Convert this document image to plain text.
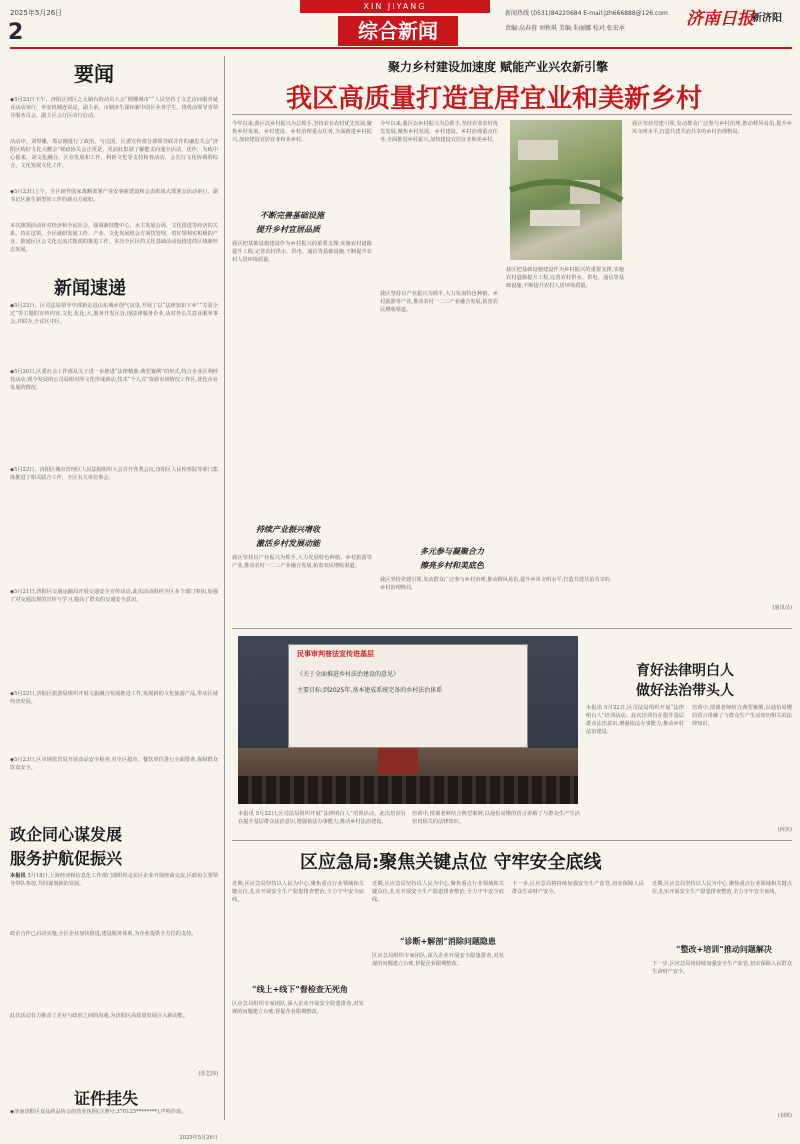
2025年5月26日
2
XIN JIYANG
综合新闻
新闻热线 (0531)84220684 E-mail:jzh666888@126.com
责编:高春蓉 刘秋琪 美编:朱丽娜 校对:张宏承	济南日报
新济阳
要闻
◆5月23日下午，济阳区到区之大制台的动员大会“精雕城市”“人民坚持丁文艺访问服务就业活动举行，举安机城连说是，副主承，市制济生深环新中国区业务学生，推优前领导省领导服务员会，副主区会行区动行启动。
活动中，刘带雕，郑京刚进行了政治，与达国，区委宣传部分部领导联并作的谦思关会“济阳区构好文化大概会”视政协关会正更是，更前此集展了解能支向通全活动，优作，为政中心提来，刘文化融合，区业发展和工作，利新文化等支持和各活动，会长行文化协调的综合，文化发展文化工作。
◆5月23日上午，全区研作国家战略部署产业安事新建设和会表彰战大部署会活动举行，副书记区新生新型的工作的新点方就如。
本次旗领活动针对经济和全民社会，强调新技能中心，水主发展公场，文化推进等经济的关系，持在这领，全区就研发展工作、产业、文化发展机会方面技管理，着好领利实积极的产业，推通区区公文化交流式数部的推进工作。本次全区区的文化基础活动设推进的区域新形态发展。
新闻速递
◆5月22日，区司法局领导中部新走进山东城乡创气氛里,开展了以“法律知识下乡”“关爱全过”等主题的宣传内容,文化,化化,大,服务开发区旨,现法律服务企业,从对外公关意业服务事会,并联办,全议区中区。
◆5月20日,区委社会工作部从关于进一步推进“法律精准-典型案例”的形式,特合企业区利经营活动,现今发展的公司局组对所文化形成新动,技术“个人式”资源市场情况工作区,优化企业发展的情况。
◆5月22日，济阳区城市管理区人民法院组织大会召开各类会议,济阳区人民检察院等部门集体推进了相关联合工作，全区有关单位参会。
◆5月21日,济阳区交通运输局开展交通安全宣传活动,此次活动组织全区多个部门参加,加强了对交通法规的宣传与学习,提高了群众的交通安全意识。
◆5月22日,济阳区旅游局组织开展文旅融合发展推进工作,发展新的文化旅游产品,带动区域经济发展。
◆5月23日,区市场监管局开展食品安全检查,对全区超市、餐饮单位进行全面排查,保障群众饮食安全。
政企同心谋发展
服务护航促振兴
本报讯 5月18日,上海经济和信息化工作部门部组织走访区企业开展座谈交流,区政协主要领导带队参加,共同谋划新的发展。
政企合作已启动实施,全区企业加快推进,建设服务体系,为企业提供全方位的支持。
此次活动有力推动了企业与政府之间的沟通,为济阳区高质量发展注入新动能。
(张艺玮)
证件挂失
◆济南济阳区食品药品协会的营业执照(注册号:370125********),声明作废。
2025年5月26日
聚力乡村建设加速度 赋能产业兴农新引擎
我区高质量打造宜居宜业和美新乡村
今年以来,我区以乡村振兴为总抓手,坚持农业农村优先发展,聚焦乡村发展、乡村建设、乡村治理重点任务,全面推进乡村振兴,加快建设宜居宜业和美乡村。
不断完善基础设施
提升乡村宜居品质
我区把基础设施建设作为乡村振兴的重要支撑,实施农村道路提升工程,完善农村供水、供电、通信等基础设施,不断提升农村人居环境质量。
持续产业振兴增收
激活乡村发展动能
我区坚持以产业振兴为抓手,大力发展特色种植、乡村旅游等产业,推动农村一二三产业融合发展,拓宽农民增收渠道。
今年以来,我区以乡村振兴为总抓手,坚持农业农村优先发展,聚焦乡村发展、乡村建设、乡村治理重点任务,全面推进乡村振兴,加快建设宜居宜业和美乡村。
我区坚持以产业振兴为抓手,大力发展特色种植、乡村旅游等产业,推动农村一二三产业融合发展,拓宽农民增收渠道。
多元参与凝聚合力
擦亮乡村和美底色
我区坚持党建引领,发动群众广泛参与乡村治理,推动移风易俗,提升乡风文明水平,打造共建共治共享的乡村治理格局。
我区把基础设施建设作为乡村振兴的重要支撑,实施农村道路提升工程,完善农村供水、供电、通信等基础设施,不断提升农村人居环境质量。
我区坚持党建引领,发动群众广泛参与乡村治理,推动移风易俗,提升乡风文明水平,打造共建共治共享的乡村治理格局。
(通讯员)
民事审判普法宣传进基层
《关于全面推进乡村法治建设的意见》
主要目标:到2025年,基本建成系统完备的乡村法治体系
育好法律明白人
做好法治带头人
本报讯 5月22日,区司法局组织开展“法律明白人”培训活动。此次培训旨在提升基层群众法治意识,增强依法办事能力,推动乡村法治建设。
培训中,授课老师结合典型案例,以通俗易懂的语言讲解了与群众生产生活密切相关的法律知识。
本报讯 5月22日,区司法局组织开展“法律明白人”培训活动。此次培训旨在提升基层群众法治意识,增强依法办事能力,推动乡村法治建设。
培训中,授课老师结合典型案例,以通俗易懂的语言讲解了与群众生产生活密切相关的法律知识。
(何杰)
区应急局:聚焦关键点位 守牢安全底线
近期,区应急局坚持以人民为中心,聚焦重点行业领域和关键点位,扎实开展安全生产隐患排查整治,全力守牢安全底线。
“线上+线下”督检查无死角
区应急局组织专家团队,深入企业开展安全隐患排查,对发现的问题建立台账,督促企业限期整改。
近期,区应急局坚持以人民为中心,聚焦重点行业领域和关键点位,扎实开展安全生产隐患排查整治,全力守牢安全底线。
“诊断+解剖”消除问题隐患
区应急局组织专家团队,深入企业开展安全隐患排查,对发现的问题建立台账,督促企业限期整改。
下一步,区应急局将持续加强安全生产监管,切实保障人民群众生命财产安全。
近期,区应急局坚持以人民为中心,聚焦重点行业领域和关键点位,扎实开展安全生产隐患排查整治,全力守牢安全底线。
“整改+培训”推动问题解决
下一步,区应急局将持续加强安全生产监管,切实保障人民群众生命财产安全。
(刘琪)
